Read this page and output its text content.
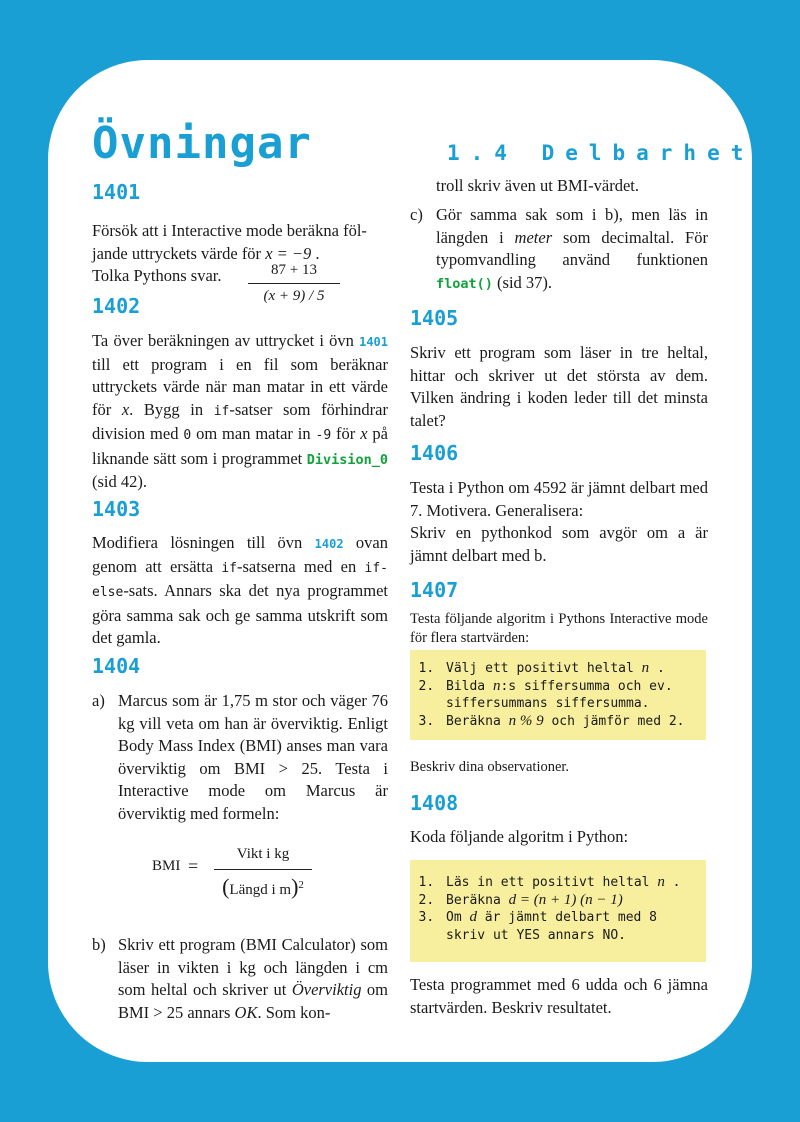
Övningar	1.4 Delbarhet
1401

Försök att i Interactive mode beräkna föl-
jande uttryckets värde för x = −9 .
Tolka Pythons svar.	87 + 13
(x + 9) / 5
1402

Ta över beräkningen av uttrycket i övn 1401 till ett program i en fil som beräknar uttryckets värde när man matar in ett värde för x. Bygg in if-satser som förhindrar division med 0 om man matar in -9 för x på liknande sätt som i programmet Division_0 (sid 42).

1403

Modifiera lösningen till övn 1402 ovan genom att ersätta if-satserna med en if-else-sats. Annars ska det nya programmet göra samma sak och ge samma utskrift som det gamla.

1404
a) Marcus som är 1,75 m stor och väger 76 kg vill veta om han är överviktig. Enligt Body Mass Index (BMI) anses man vara överviktig om BMI > 25. Testa i Interactive mode om Marcus är överviktig med formeln:
BMI =
Vikt i kg
(Längd i m)$^2$
b) Skriv ett program (BMI Calculator) som läser in vikten i kg och längden i cm som heltal och skriver ut Överviktig om BMI > 25 annars OK. Som kon-

troll skriv även ut BMI-värdet.

c) Gör samma sak som i b), men läs in längden i meter som decimaltal. För typomvandling använd funktionen float() (sid 37).
1405

Skriv ett program som läser in tre heltal, hittar och skriver ut det största av dem. Vilken ändring i koden leder till det minsta talet?

1406

Testa i Python om 4592 är jämnt delbart med 7. Motivera. Generalisera:
Skriv en pythonkod som avgör om a är jämnt delbart med b.

1407

Testa följande algoritm i Pythons Interactive mode för flera startvärden:

1. Välj ett positivt heltal n .
2. Bilda n:s siffersumma och ev. siffersummans siffersumma.
3. Beräkna n % 9 och jämför med 2.

Beskriv dina observationer.

1408

Koda följande algoritm i Python:

1. Läs in ett positivt heltal n .
2. Beräkna d = (n + 1) (n − 1)
3. Om d är jämnt delbart med 8 skriv ut YES annars NO.

Testa programmet med 6 udda och 6 jämna startvärden. Beskriv resultatet.
